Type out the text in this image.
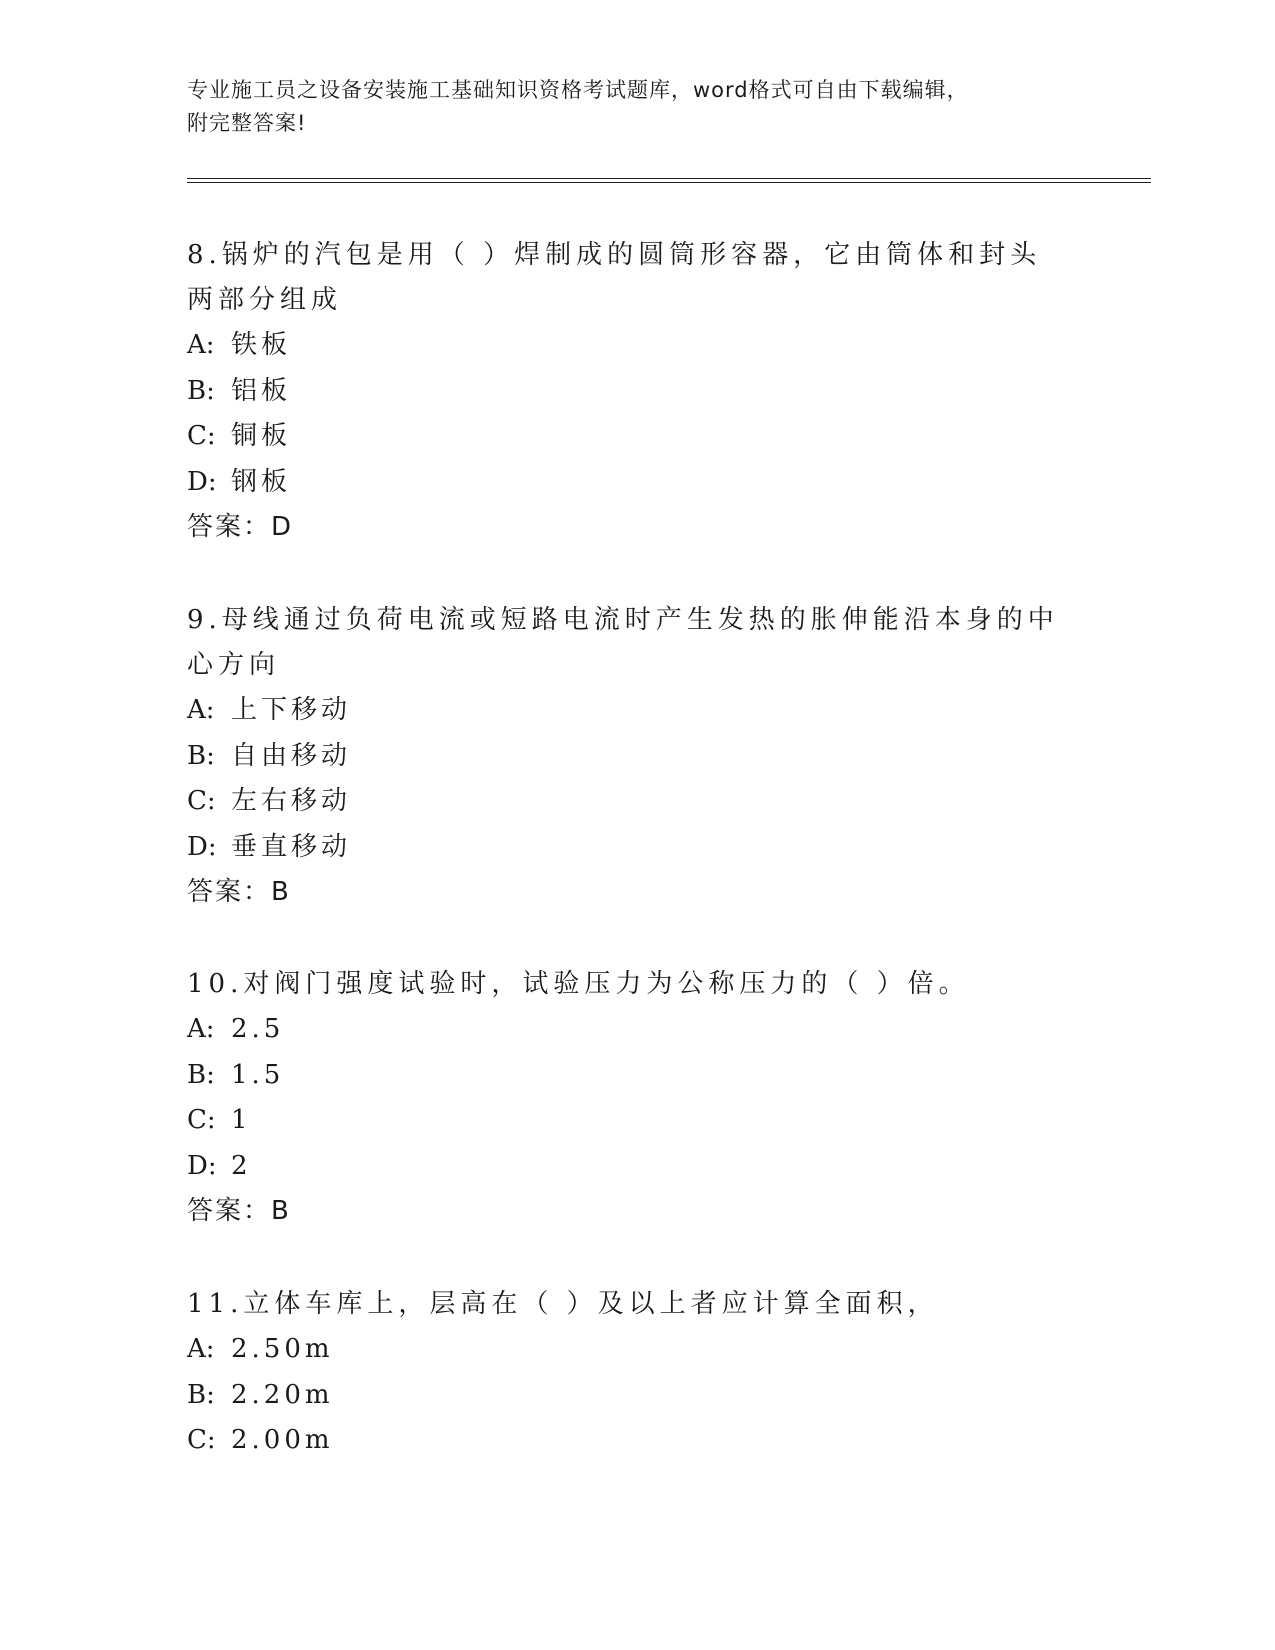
专业施工员之设备安装施工基础知识资格考试题库，word格式可自由下载编辑，
附完整答案!
8.锅炉的汽包是用（ ）焊制成的圆筒形容器，它由筒体和封头两部分组成
A: 铁板
B: 铝板
C: 铜板
D: 钢板
答案：D
9.母线通过负荷电流或短路电流时产生发热的胀伸能沿本身的中心方向
A: 上下移动
B: 自由移动
C: 左右移动
D: 垂直移动
答案：B
10.对阀门强度试验时，试验压力为公称压力的（ ）倍。
A: 2.5
B: 1.5
C: 1
D: 2
答案：B
11.立体车库上，层高在（ ）及以上者应计算全面积，
A: 2.50m
B: 2.20m
C: 2.00m
